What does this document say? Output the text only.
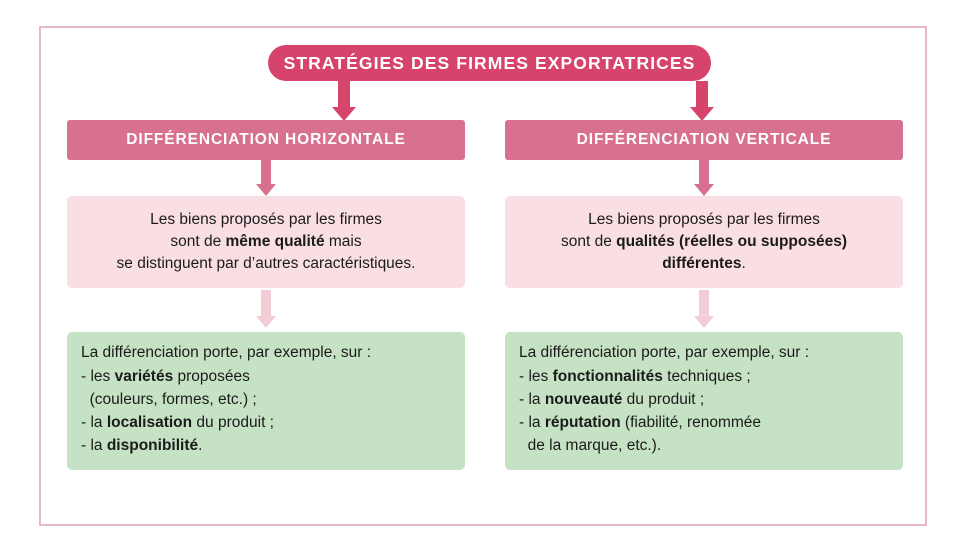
STRATÉGIES DES FIRMES EXPORTATRICES
DIFFÉRENCIATION HORIZONTALE	DIFFÉRENCIATION VERTICALE
Les biens proposés par les firmes
sont de même qualité mais
se distinguent par d’autres caractéristiques.
Les biens proposés par les firmes
sont de qualités (réelles ou supposées)
différentes.

La différenciation porte, par exemple, sur :

- les variétés proposées
(couleurs, formes, etc.) ;
- la localisation du produit ;
- la disponibilité.

La différenciation porte, par exemple, sur :

- les fonctionnalités techniques ;
- la nouveauté du produit ;
- la réputation (fiabilité, renommée
de la marque, etc.).
